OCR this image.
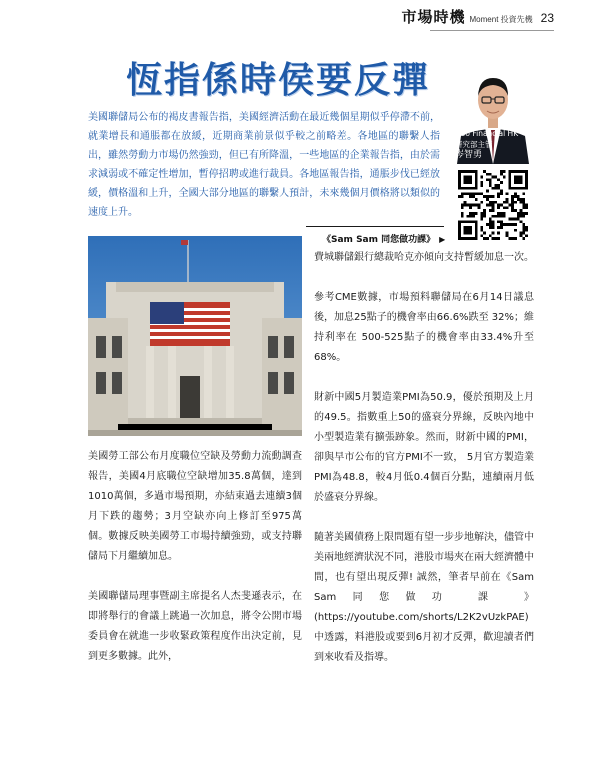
市場時機 Moment 投資先機 23
恆指係時侯要反彈
美國聯儲局公布的褐皮書報告指，美國經濟活動在最近幾個星期似乎停滯不前，就業增長和通脹都在放緩，近期商業前景似乎較之前略差。各地區的聯繫人指出，雖然勞動力市場仍然強勁，但已有所降溫，一些地區的企業報告指，由於需求減弱或不確定性增加，暫停招聘或進行裁員。各地區報告指，通脹步伐已經放緩，價格溫和上升，全國大部分地區的聯繫人預計，未來幾個月價格將以類似的速度上升。
Doo Financial HK
研究部主管
岑智勇
《Sam Sam 同您做功課》 ▶

美國勞工部公布月度職位空缺及勞動力流動調查報告，美國4月底職位空缺增加35.8萬個，達到1010萬個，多過市場預期，亦結束過去連續3個月下跌的趨勢；3月空缺亦向上修訂至975萬個。數據反映美國勞工市場持續強勁，或支持聯儲局下月繼續加息。

美國聯儲局理事暨副主席提名人杰斐遜表示，在即將舉行的會議上跳過一次加息，將令公開市場委員會在就進一步收緊政策程度作出決定前，見到更多數據。此外，

費城聯儲銀行總裁哈克亦傾向支持暫緩加息一次。

參考CME數據，市場預料聯儲局在6月14日議息後，加息25點子的機會率由66.6%跌至 32%；維持利率在 500-525點子的機會率由33.4%升至 68%。

財新中國5月製造業PMI為50.9，優於預期及上月的49.5。指數重上50的盛衰分界線，反映內地中小型製造業有擴張跡象。然而，財新中國的PMI，卻與早市公布的官方PMI不一致， 5月官方製造業PMI為48.8，較4月低0.4個百分點，連續兩月低於盛衰分界線。

隨著美國債務上限問題有望一步步地解決，儘管中美兩地經濟狀況不同，港股市場夾在兩大經濟體中間，也有望出現反彈! 誠然，筆者早前在《Sam Sam同您做功 課 》(https://youtube.com/shorts/L2K2vUzkPAE)中透露，料港股或要到6月初才反彈，歡迎讀者們到來收看及指導。
